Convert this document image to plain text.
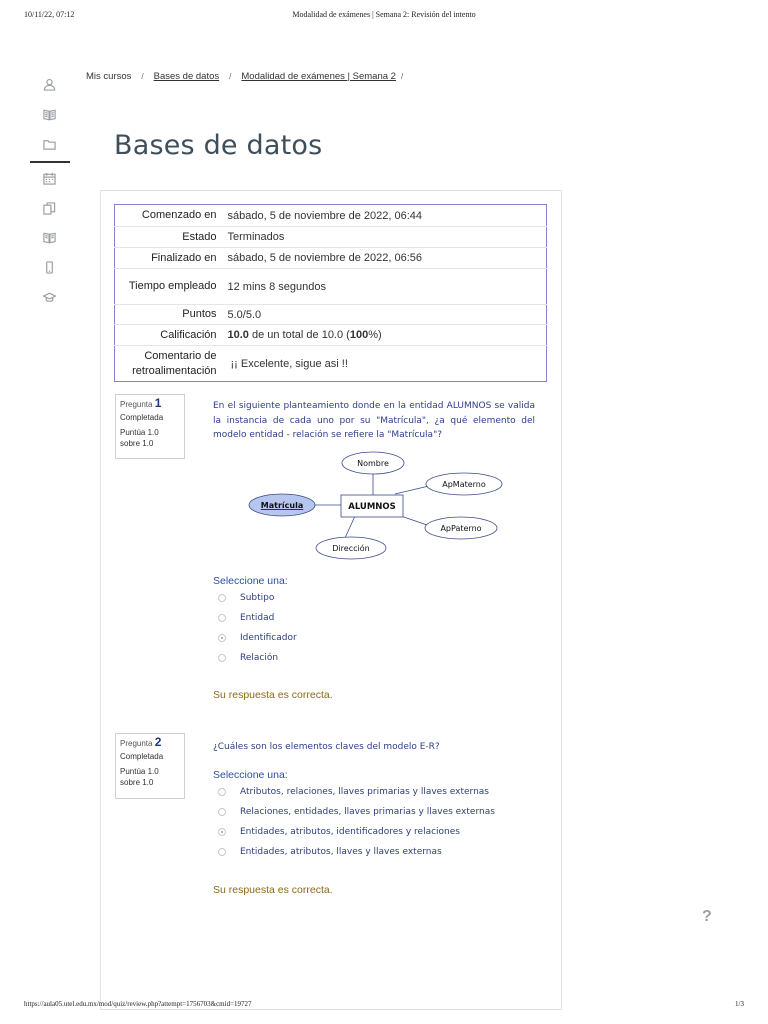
10/11/22, 07:12	Modalidad de exámenes | Semana 2: Revisión del intento
Mis cursos / Bases de datos / Modalidad de exámenes | Semana 2 /
Bases de datos
Comenzado en	sábado, 5 de noviembre de 2022, 06:44
Estado	Terminados
Finalizado en	sábado, 5 de noviembre de 2022, 06:56
Tiempo empleado	12 mins 8 segundos
Puntos	5.0/5.0
Calificación	10.0 de un total de 10.0 (100%)
Comentario de retroalimentación	¡¡ Excelente, sigue asi !!
Pregunta 1
Completada
Puntúa 1.0 sobre 1.0
En el siguiente planteamiento donde en la entidad ALUMNOS se valida la instancia de cada uno por su "Matrícula", ¿a qué elemento del modelo entidad - relación se refiere la "Matrícula"?
Nombre
ApMaterno
Matrícula
ApPaterno
Dirección
ALUMNOS
Seleccione una:
Subtipo
Entidad
Identificador
Relación
Su respuesta es correcta.
Pregunta 2
Completada
Puntúa 1.0 sobre 1.0
¿Cuáles son los elementos claves del modelo E-R?
Seleccione una:
Atributos, relaciones, llaves primarias y llaves externas
Relaciones, entidades, llaves primarias y llaves externas
Entidades, atributos, identificadores y relaciones
Entidades, atributos, llaves y llaves externas
Su respuesta es correcta.
?
https://aula05.utel.edu.mx/mod/quiz/review.php?attempt=1756703&cmid=19727	1/3
